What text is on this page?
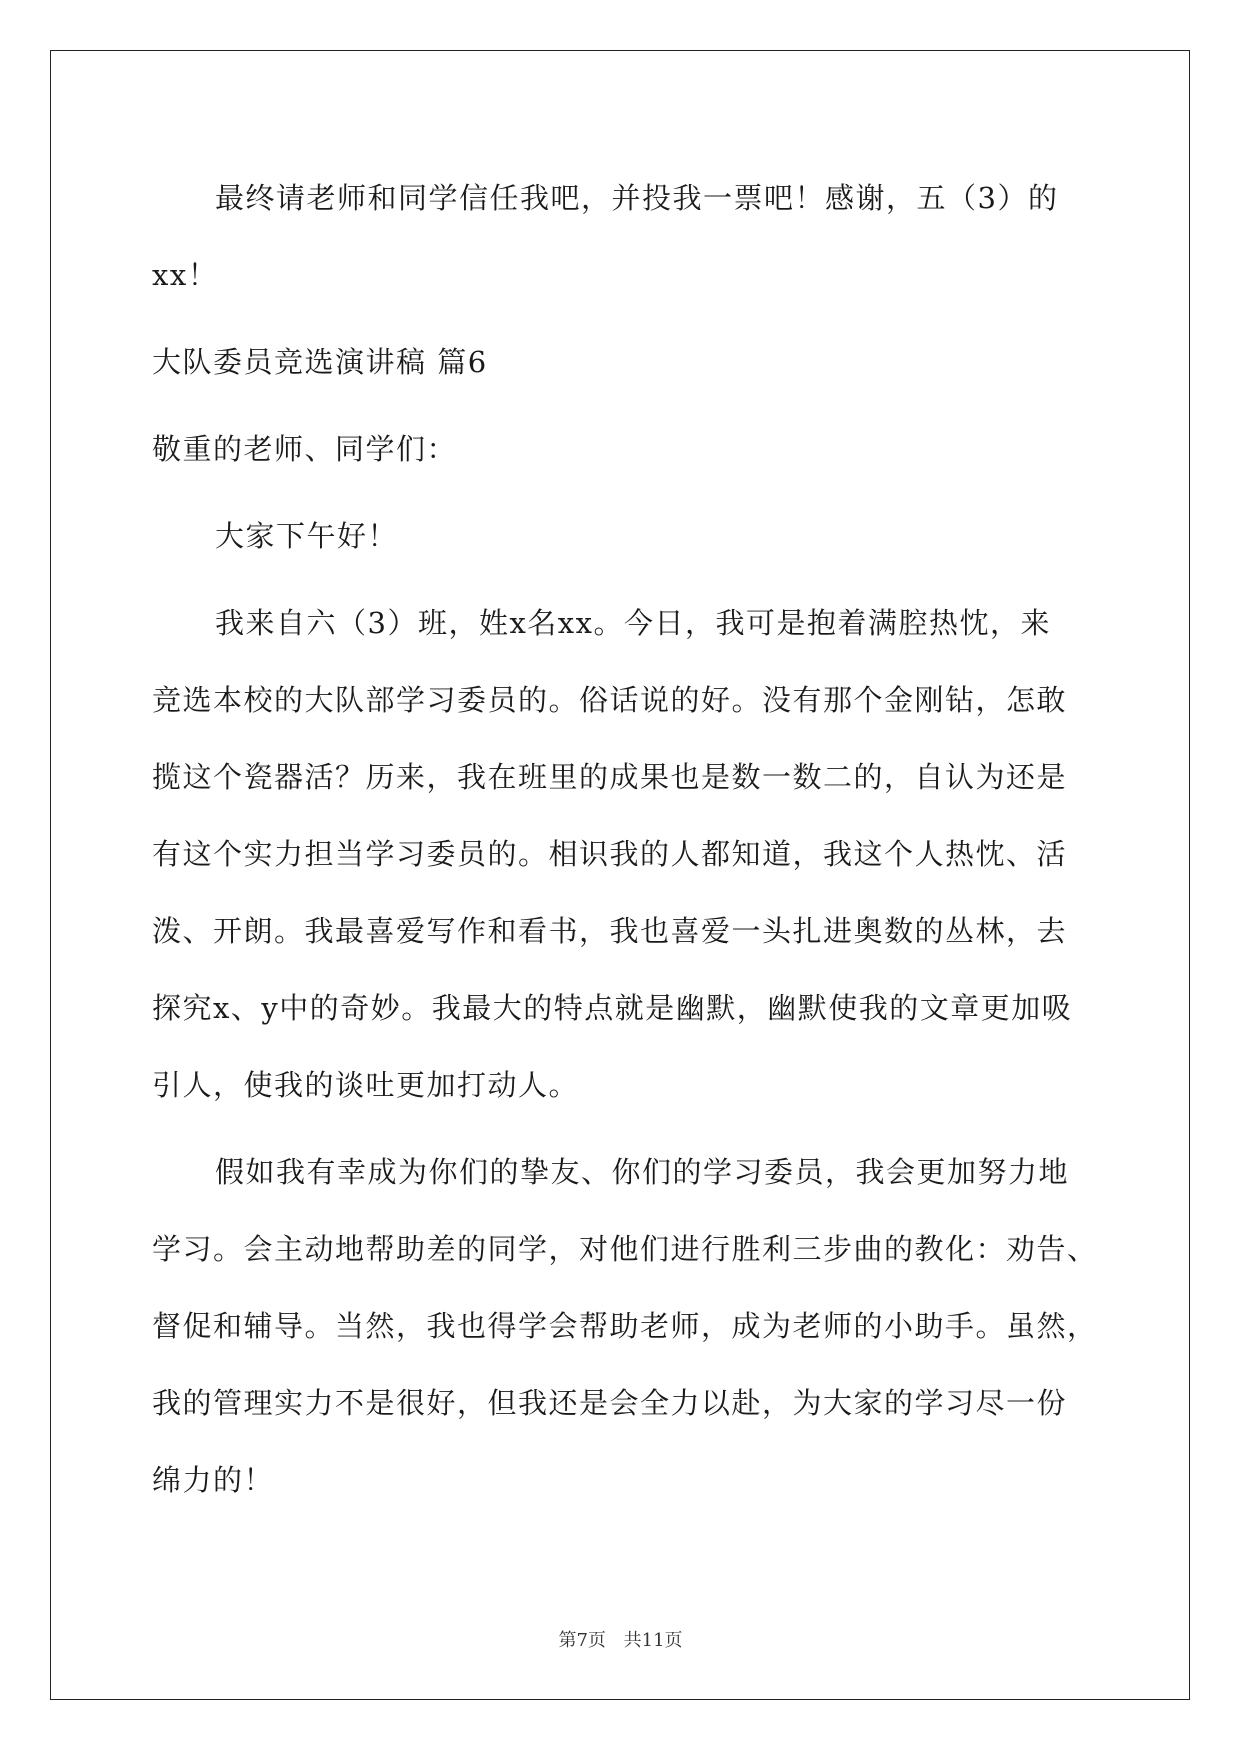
最终请老师和同学信任我吧，并投我一票吧！感谢，五（3）的
xx！
大队委员竞选演讲稿 篇6
敬重的老师、同学们：
大家下午好！
我来自六（3）班，姓x名xx。今日，我可是抱着满腔热忱，来
竞选本校的大队部学习委员的。俗话说的好。没有那个金刚钻，怎敢
揽这个瓷器活？历来，我在班里的成果也是数一数二的，自认为还是
有这个实力担当学习委员的。相识我的人都知道，我这个人热忱、活
泼、开朗。我最喜爱写作和看书，我也喜爱一头扎进奥数的丛林，去
探究x、y中的奇妙。我最大的特点就是幽默，幽默使我的文章更加吸
引人，使我的谈吐更加打动人。
假如我有幸成为你们的挚友、你们的学习委员，我会更加努力地
学习。会主动地帮助差的同学，对他们进行胜利三步曲的教化：劝告、
督促和辅导。当然，我也得学会帮助老师，成为老师的小助手。虽然，
我的管理实力不是很好，但我还是会全力以赴，为大家的学习尽一份
绵力的！
第7页 共11页
